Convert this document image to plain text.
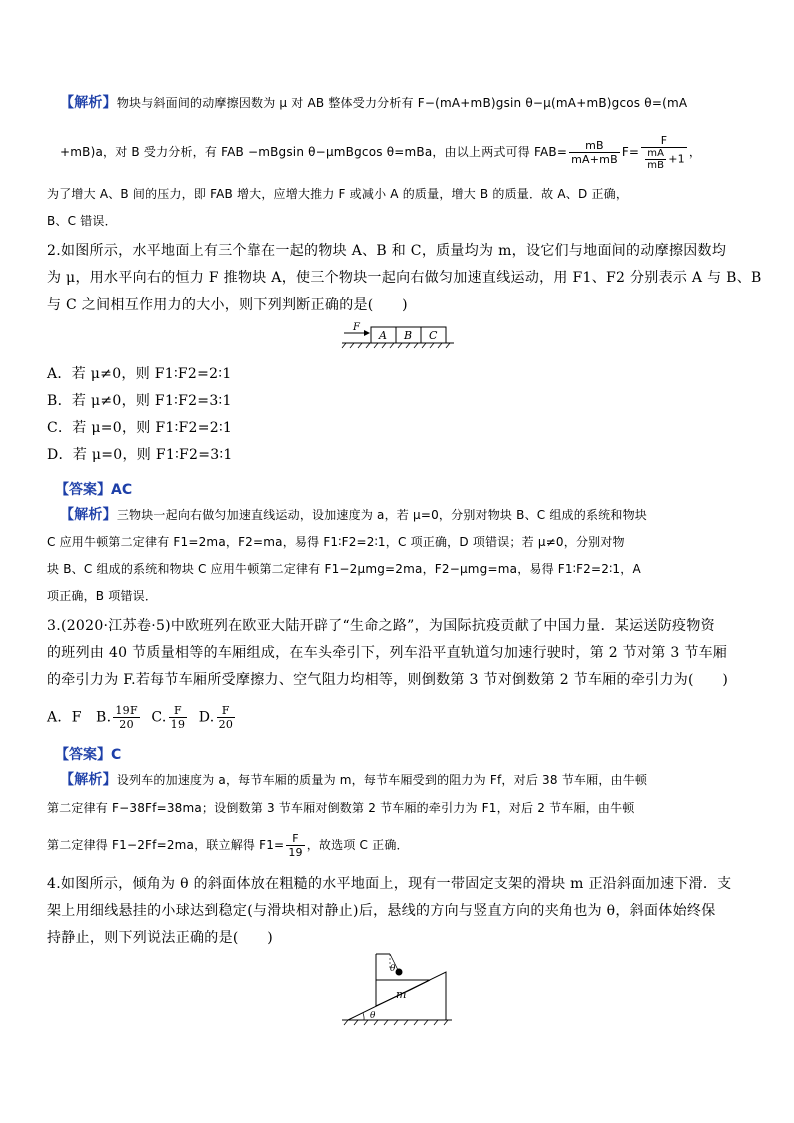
【解析】物块与斜面间的动摩擦因数为 μ 对 AB 整体受力分析有 F−(mA+mB)gsin θ−μ(mA+mB)gcos θ=(mA
+mB)a，对 B 受力分析，有 FAB −mBgsin θ−μmBgcos θ=mBa，由以上两式可得 $FAB= \frac{mB}{mA+mB} F= \frac{F}{\frac{mA}{mB} +1}$ ，
为了增大 A、B 间的压力，即 FAB 增大，应增大推力 F 或减小 A 的质量，增大 B 的质量．故 A、D 正确，
B、C 错误．
2.如图所示，水平地面上有三个靠在一起的物块 A、B 和 C，质量均为 m，设它们与地面间的动摩擦因数均
为 μ，用水平向右的恒力 F 推物块 A，使三个物块一起向右做匀加速直线运动，用 F1、F2 分别表示 A 与 B、B
与 C 之间相互作用力的大小，则下列判断正确的是(　　)
F
A B C
A．若 μ≠0，则 F1∶F2=2∶1
B．若 μ≠0，则 F1∶F2=3∶1
C．若 μ=0，则 F1∶F2=2∶1
D．若 μ=0，则 F1∶F2=3∶1
【答案】AC
【解析】三物块一起向右做匀加速直线运动，设加速度为 a，若 μ=0，分别对物块 B、C 组成的系统和物块
C 应用牛顿第二定律有 F1=2ma，F2=ma，易得 F1∶F2=2∶1，C 项正确，D 项错误；若 μ≠0，分别对物
块 B、C 组成的系统和物块 C 应用牛顿第二定律有 F1−2μmg=2ma，F2−μmg=ma，易得 F1∶F2=2∶1，A
项正确，B 项错误．
3.(2020·江苏卷·5)中欧班列在欧亚大陆开辟了“生命之路”，为国际抗疫贡献了中国力量．某运送防疫物资
的班列由 40 节质量相等的车厢组成，在车头牵引下，列车沿平直轨道匀加速行驶时，第 2 节对第 3 节车厢
的牵引力为 F.若每节车厢所受摩擦力、空气阻力均相等，则倒数第 3 节对倒数第 2 节车厢的牵引力为(　　)
A．F B. $\frac{19F}{20} C$. $\frac{F}{19} D$. $\frac{F}{20}$
【答案】C
【解析】设列车的加速度为 a，每节车厢的质量为 m，每节车厢受到的阻力为 Ff，对后 38 节车厢，由牛顿
第二定律有 F−38Ff=38ma；设倒数第 3 节车厢对倒数第 2 节车厢的牵引力为 F1，对后 2 节车厢，由牛顿
第二定律得 F1−2Ff=2ma，联立解得 $F1= \frac{F}{19}$ ，故选项 C 正确．
4.如图所示，倾角为 θ 的斜面体放在粗糙的水平地面上，现有一带固定支架的滑块 m 正沿斜面加速下滑．支
架上用细线悬挂的小球达到稳定(与滑块相对静止)后，悬线的方向与竖直方向的夹角也为 θ，斜面体始终保
持静止，则下列说法正确的是(　　)
θ
m
θ
